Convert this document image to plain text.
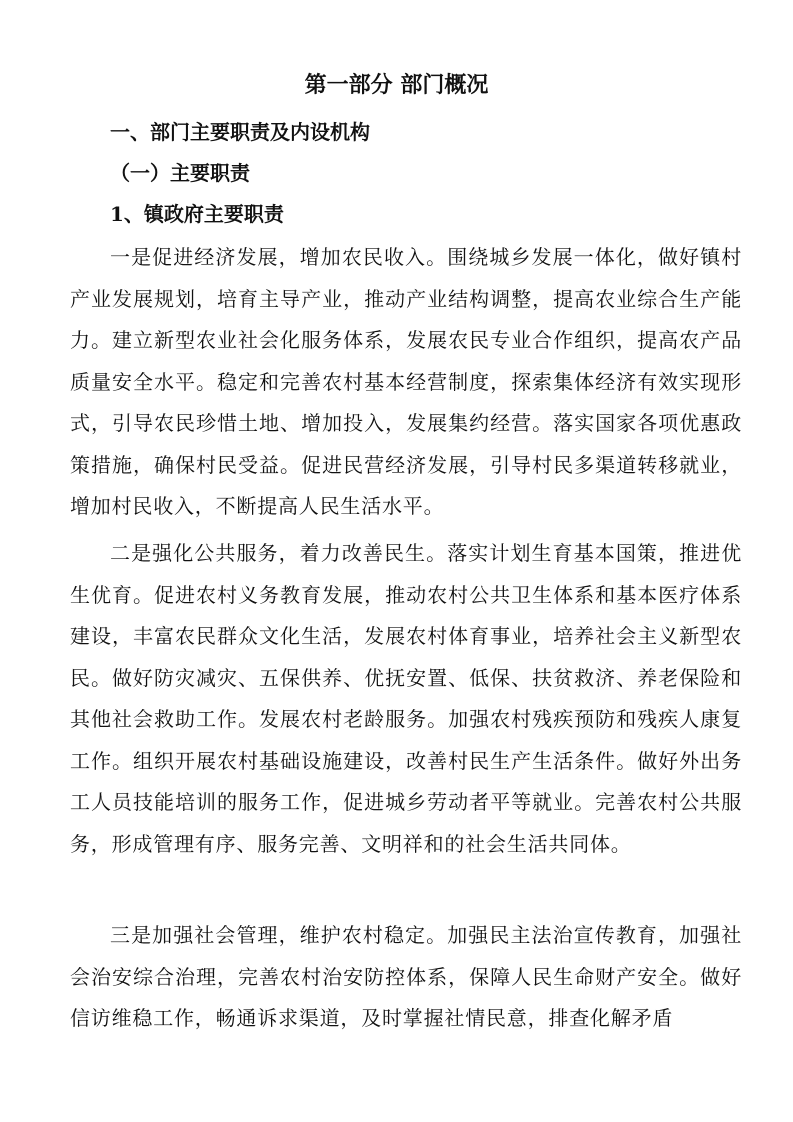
第一部分 部门概况
一、部门主要职责及内设机构
（一）主要职责
1、镇政府主要职责

一是促进经济发展，增加农民收入。围绕城乡发展一体化，做好镇村产业发展规划，培育主导产业，推动产业结构调整，提高农业综合生产能力。建立新型农业社会化服务体系，发展农民专业合作组织，提高农产品质量安全水平。稳定和完善农村基本经营制度，探索集体经济有效实现形式，引导农民珍惜土地、增加投入，发展集约经营。落实国家各项优惠政策措施，确保村民受益。促进民营经济发展，引导村民多渠道转移就业，增加村民收入，不断提高人民生活水平。

二是强化公共服务，着力改善民生。落实计划生育基本国策，推进优生优育。促进农村义务教育发展，推动农村公共卫生体系和基本医疗体系建设，丰富农民群众文化生活，发展农村体育事业，培养社会主义新型农民。做好防灾减灾、五保供养、优抚安置、低保、扶贫救济、养老保险和其他社会救助工作。发展农村老龄服务。加强农村残疾预防和残疾人康复工作。组织开展农村基础设施建设，改善村民生产生活条件。做好外出务工人员技能培训的服务工作，促进城乡劳动者平等就业。完善农村公共服务，形成管理有序、服务完善、文明祥和的社会生活共同体。

三是加强社会管理，维护农村稳定。加强民主法治宣传教育，加强社会治安综合治理，完善农村治安防控体系，保障人民生命财产安全。做好信访维稳工作，畅通诉求渠道，及时掌握社情民意，排查化解矛盾
